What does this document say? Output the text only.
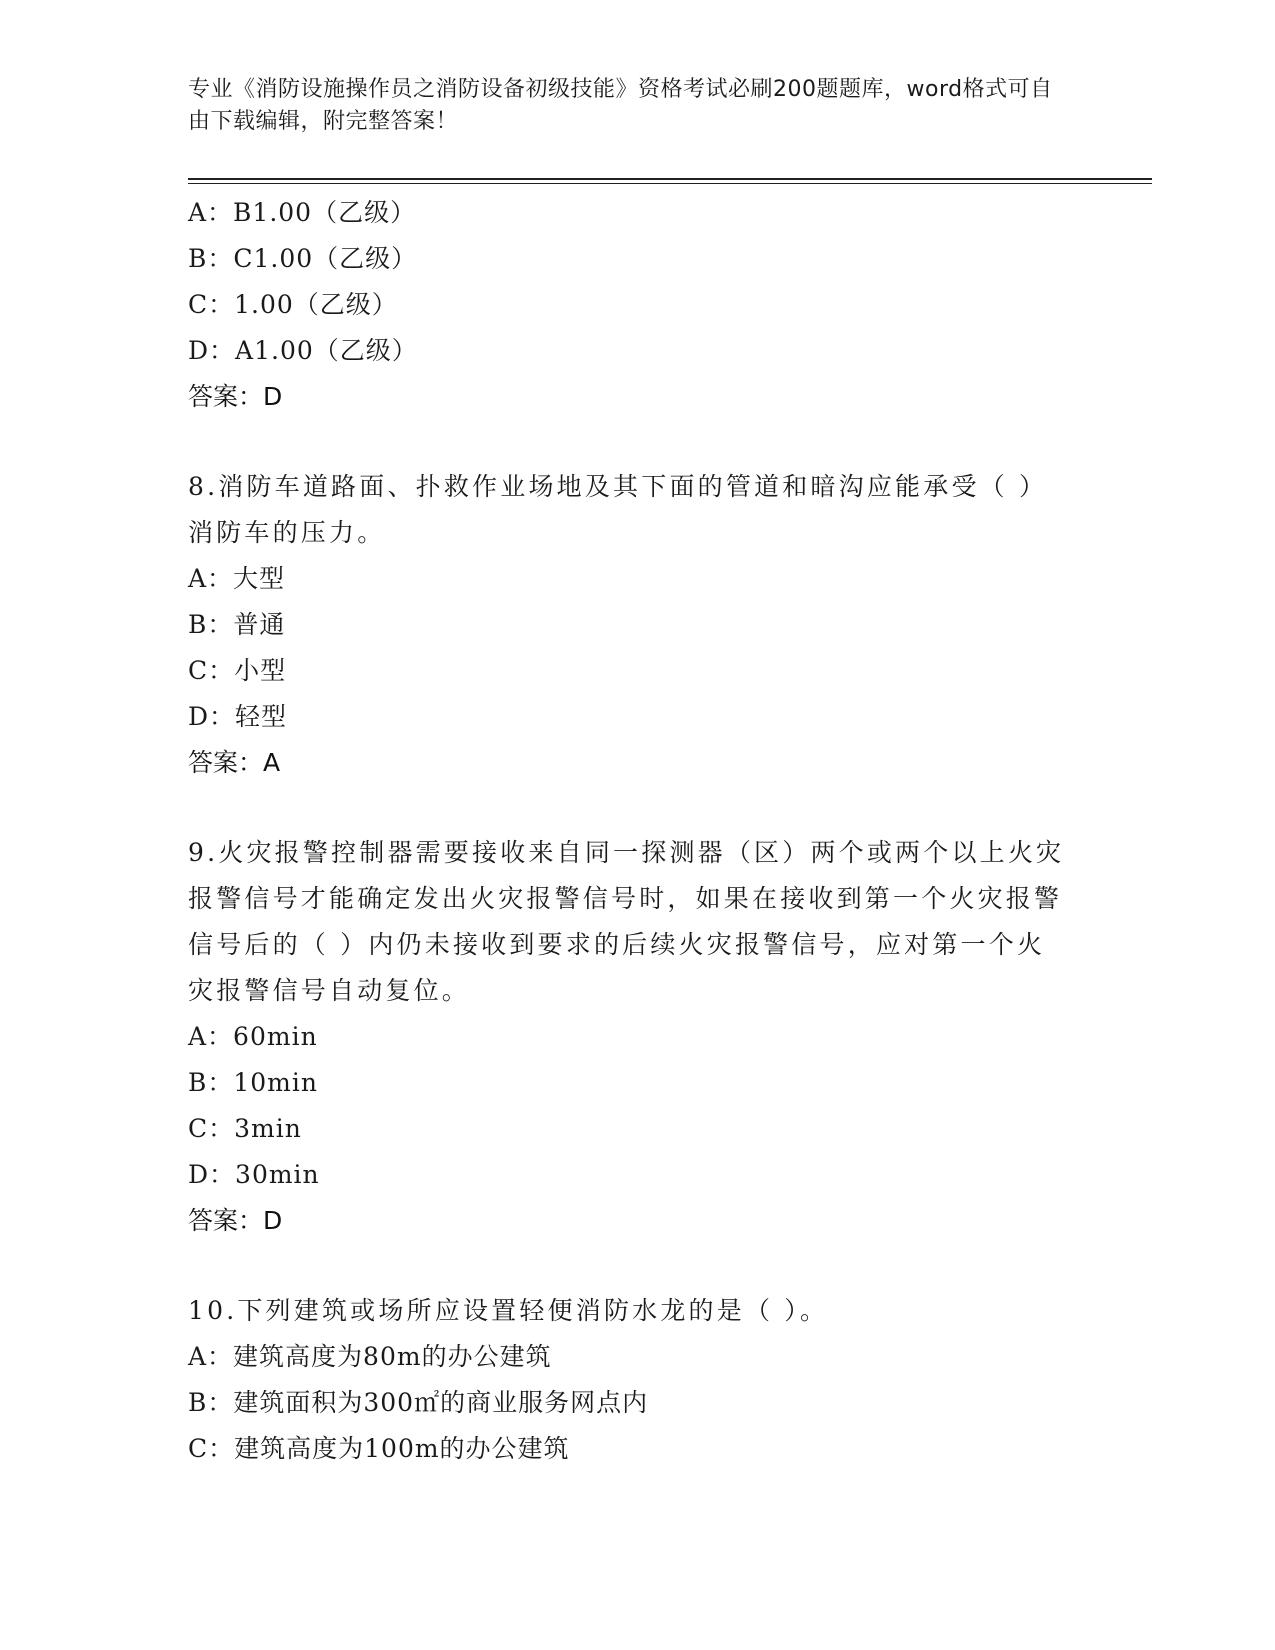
专业《消防设施操作员之消防设备初级技能》资格考试必刷200题题库，word格式可自由下载编辑，附完整答案！
A：B1.00（乙级）
B：C1.00（乙级）
C：1.00（乙级）
D：A1.00（乙级）
答案：D
8.消防车道路面、扑救作业场地及其下面的管道和暗沟应能承受（ ）消防车的压力。
A：大型
B：普通
C：小型
D：轻型
答案：A
9.火灾报警控制器需要接收来自同一探测器（区）两个或两个以上火灾报警信号才能确定发出火灾报警信号时，如果在接收到第一个火灾报警信号后的（ ）内仍未接收到要求的后续火灾报警信号，应对第一个火灾报警信号自动复位。
A：60min
B：10min
C：3min
D：30min
答案：D
10.下列建筑或场所应设置轻便消防水龙的是（ ）。
A：建筑高度为80m的办公建筑
B：建筑面积为300㎡的商业服务网点内
C：建筑高度为100m的办公建筑
